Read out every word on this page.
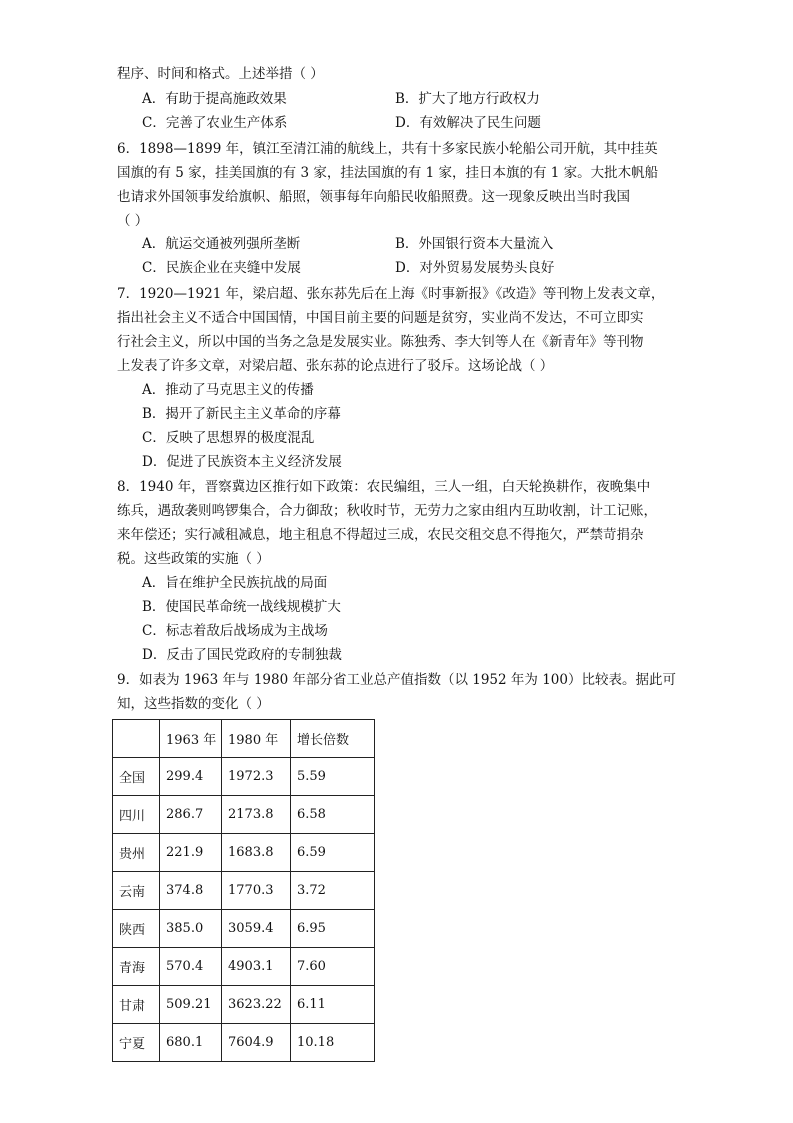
程序、时间和格式。上述举措（ ）
A．有助于提高施政效果	B．扩大了地方行政权力
C．完善了农业生产体系	D．有效解决了民生问题
6．1898—1899 年，镇江至清江浦的航线上，共有十多家民族小轮船公司开航，其中挂英
国旗的有 5 家，挂美国旗的有 3 家，挂法国旗的有 1 家，挂日本旗的有 1 家。大批木帆船
也请求外国领事发给旗帜、船照，领事每年向船民收船照费。这一现象反映出当时我国
（ ）
A．航运交通被列强所垄断	B．外国银行资本大量流入
C．民族企业在夹缝中发展	D．对外贸易发展势头良好
7．1920—1921 年，梁启超、张东荪先后在上海《时事新报》《改造》等刊物上发表文章，
指出社会主义不适合中国国情，中国目前主要的问题是贫穷，实业尚不发达，不可立即实
行社会主义，所以中国的当务之急是发展实业。陈独秀、李大钊等人在《新青年》等刊物
上发表了许多文章，对梁启超、张东荪的论点进行了驳斥。这场论战（ ）
A．推动了马克思主义的传播
B．揭开了新民主主义革命的序幕
C．反映了思想界的极度混乱
D．促进了民族资本主义经济发展
8．1940 年，晋察冀边区推行如下政策：农民编组，三人一组，白天轮换耕作，夜晚集中
练兵，遇敌袭则鸣锣集合，合力御敌；秋收时节，无劳力之家由组内互助收割，计工记账，
来年偿还；实行减租减息，地主租息不得超过三成，农民交租交息不得拖欠，严禁苛捐杂
税。这些政策的实施（ ）
A．旨在维护全民族抗战的局面
B．使国民革命统一战线规模扩大
C．标志着敌后战场成为主战场
D．反击了国民党政府的专制独裁
9．如表为 1963 年与 1980 年部分省工业总产值指数（以 1952 年为 100）比较表。据此可
知，这些指数的变化（ ）
	1963 年	1980 年	增长倍数
全国	299.4	1972.3	5.59
四川	286.7	2173.8	6.58
贵州	221.9	1683.8	6.59
云南	374.8	1770.3	3.72
陕西	385.0	3059.4	6.95
青海	570.4	4903.1	7.60
甘肃	509.21	3623.22	6.11
宁夏	680.1	7604.9	10.18
